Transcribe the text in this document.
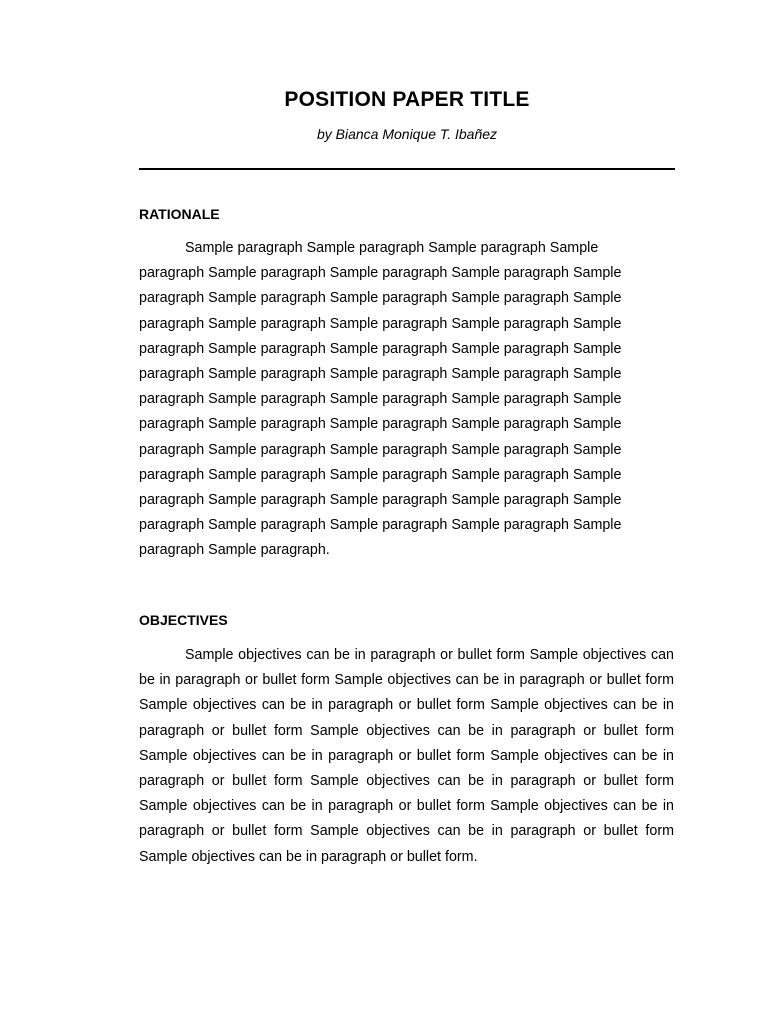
POSITION PAPER TITLE

by Bianca Monique T. Ibañez

RATIONALE

Sample paragraph Sample paragraph Sample paragraph Sample paragraph Sample paragraph Sample paragraph Sample paragraph Sample paragraph Sample paragraph Sample paragraph Sample paragraph Sample paragraph Sample paragraph Sample paragraph Sample paragraph Sample paragraph Sample paragraph Sample paragraph Sample paragraph Sample paragraph Sample paragraph Sample paragraph Sample paragraph Sample paragraph Sample paragraph Sample paragraph Sample paragraph Sample paragraph Sample paragraph Sample paragraph Sample paragraph Sample paragraph Sample paragraph Sample paragraph Sample paragraph Sample paragraph Sample paragraph Sample paragraph Sample paragraph Sample paragraph Sample paragraph Sample paragraph Sample paragraph Sample paragraph Sample paragraph Sample paragraph Sample paragraph Sample paragraph Sample paragraph.

OBJECTIVES

Sample objectives can be in paragraph or bullet form Sample objectives can be in paragraph or bullet form Sample objectives can be in paragraph or bullet form Sample objectives can be in paragraph or bullet form Sample objectives can be in paragraph or bullet form Sample objectives can be in paragraph or bullet form Sample objectives can be in paragraph or bullet form Sample objectives can be in paragraph or bullet form Sample objectives can be in paragraph or bullet form Sample objectives can be in paragraph or bullet form Sample objectives can be in paragraph or bullet form Sample objectives can be in paragraph or bullet form Sample objectives can be in paragraph or bullet form.
